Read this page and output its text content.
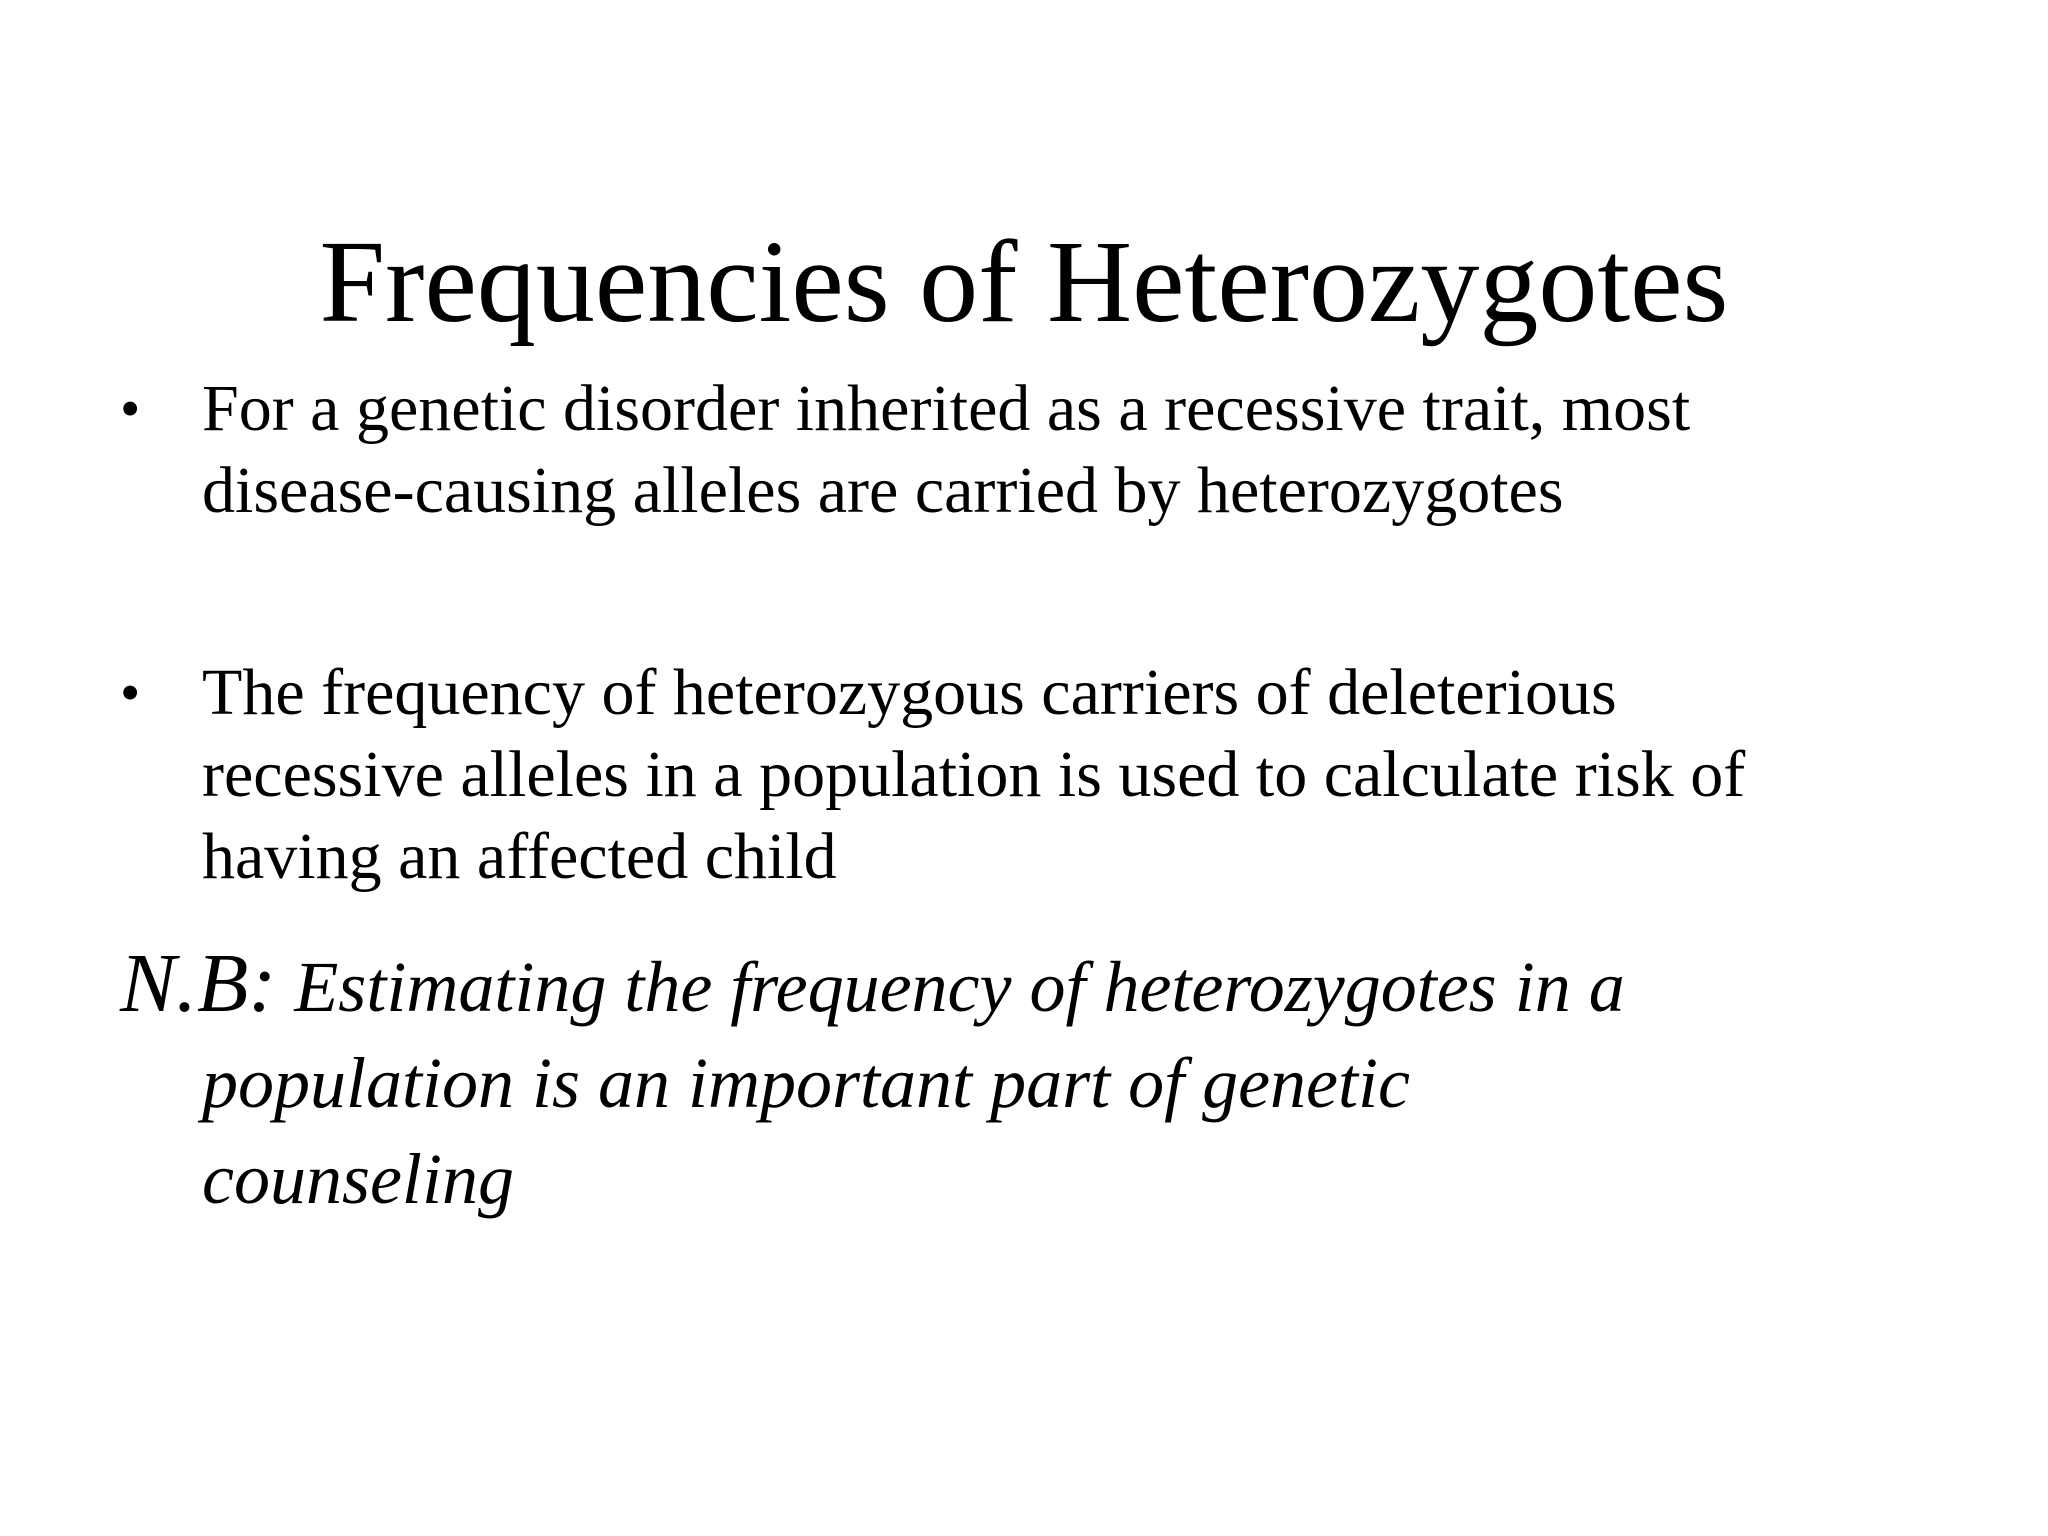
Frequencies of Heterozygotes
• For a genetic disorder inherited as a recessive trait, most
disease-causing alleles are carried by heterozygotes
• The frequency of heterozygous carriers of deleterious
recessive alleles in a population is used to calculate risk of
having an affected child
N.B: Estimating the frequency of heterozygotes in a
population is an important part of genetic
counseling
